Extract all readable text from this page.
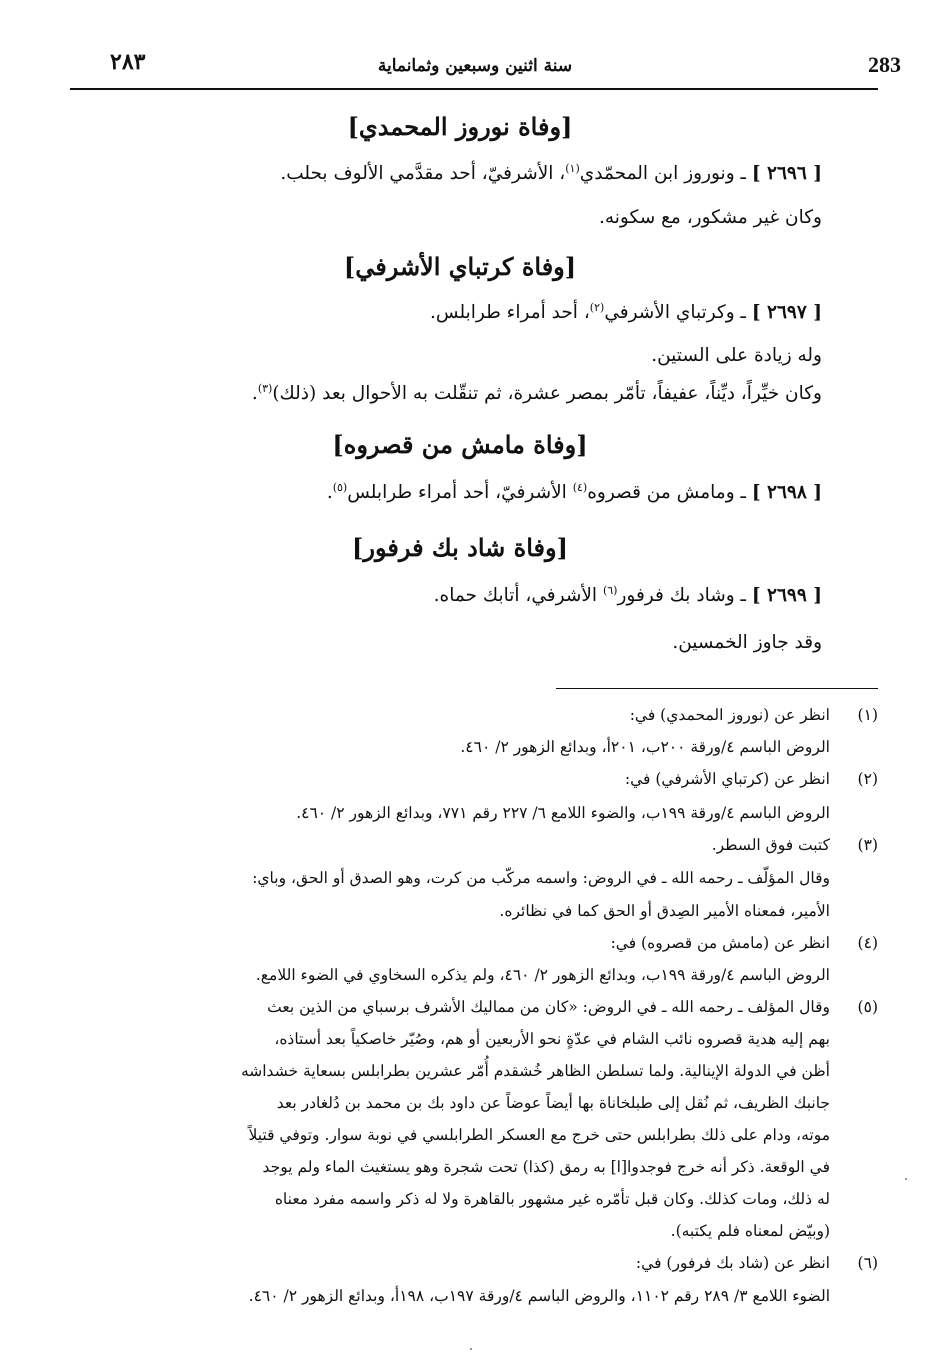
283
سنة اثنين وسبعين وثمانماية
٢٨٣
[وفاة نوروز المحمدي]
[ ٢٦٩٦ ] ـ ونوروز ابن المحمّدي$^{(١)}$، الأشرفيّ، أحد مقدَّمي الألوف بحلب.
وكان غير مشكور، مع سكونه.
[وفاة كرتباي الأشرفي]
[ ٢٦٩٧ ] ـ وكرتباي الأشرفي$^{(٢)}$، أحد أمراء طرابلس.
وله زيادة على الستين.
وكان خيِّراً، ديِّناً، عفيفاً، تأمّر بمصر عشرة، ثم تنقّلت به الأحوال بعد (ذلك)$^{(٣)}$.
[وفاة مامش من قصروه]
[ ٢٦٩٨ ] ـ ومامش من قصروه$^{(٤)}$ الأشرفيّ، أحد أمراء طرابلس$^{(٥)}$.
[وفاة شاد بك فرفور]
[ ٢٦٩٩ ] ـ وشاد بك فرفور$^{(٦)}$ الأشرفي، أتابك حماه.
وقد جاوز الخمسين.
(١)
انظر عن (نوروز المحمدي) في:
الروض الباسم ٤/ورقة ٢٠٠ب، ٢٠١أ، وبدائع الزهور ٢/ ٤٦٠.
(٢)
انظر عن (كرتباي الأشرفي) في:
الروض الباسم ٤/ورقة ١٩٩ب، والضوء اللامع ٦/ ٢٢٧ رقم ٧٧١، وبدائع الزهور ٢/ ٤٦٠.
(٣)
كتبت فوق السطر.
وقال المؤلّف ـ رحمه الله ـ في الروض: واسمه مركّب من كرت، وهو الصدق أو الحق، وباي:
الأمير، فمعناه الأمير الصِدق أو الحق كما في نظائره.
(٤)
انظر عن (مامش من قصروه) في:
الروض الباسم ٤/ورقة ١٩٩ب، وبدائع الزهور ٢/ ٤٦٠، ولم يذكره السخاوي في الضوء اللامع.
(٥)
وقال المؤلف ـ رحمه الله ـ في الروض: «كان من مماليك الأشرف برسباي من الذين بعث
بهم إليه هدية قصروه نائب الشام في عدّةٍ نحو الأربعين أو هم، وصُيّر خاصكياً بعد أستاذه،
أظن في الدولة الإينالية. ولما تسلطن الظاهر خُشقدم أُمّر عشرين بطرابلس بسعاية خشداشه
جانبك الظريف، ثم نُقل إلى طبلخاناة بها أيضاً عوضاً عن داود بك بن محمد بن دُلغادر بعد
موته، ودام على ذلك بطرابلس حتى خرج مع العسكر الطرابلسي في نوبة سوار. وتوفي قتيلاً
في الوقعة. ذكر أنه خرج فوجدوا[ا] به رمق (كذا) تحت شجرة وهو يستغيث الماء ولم يوجد
له ذلك، ومات كذلك. وكان قبل تأمّره غير مشهور بالقاهرة ولا له ذكر واسمه مفرد معناه
(وبيّض لمعناه فلم يكتبه).
(٦)
انظر عن (شاد بك فرفور) في:
الضوء اللامع ٣/ ٢٨٩ رقم ١١٠٢، والروض الباسم ٤/ورقة ١٩٧ب، ١٩٨أ، وبدائع الزهور ٢/ ٤٦٠.
